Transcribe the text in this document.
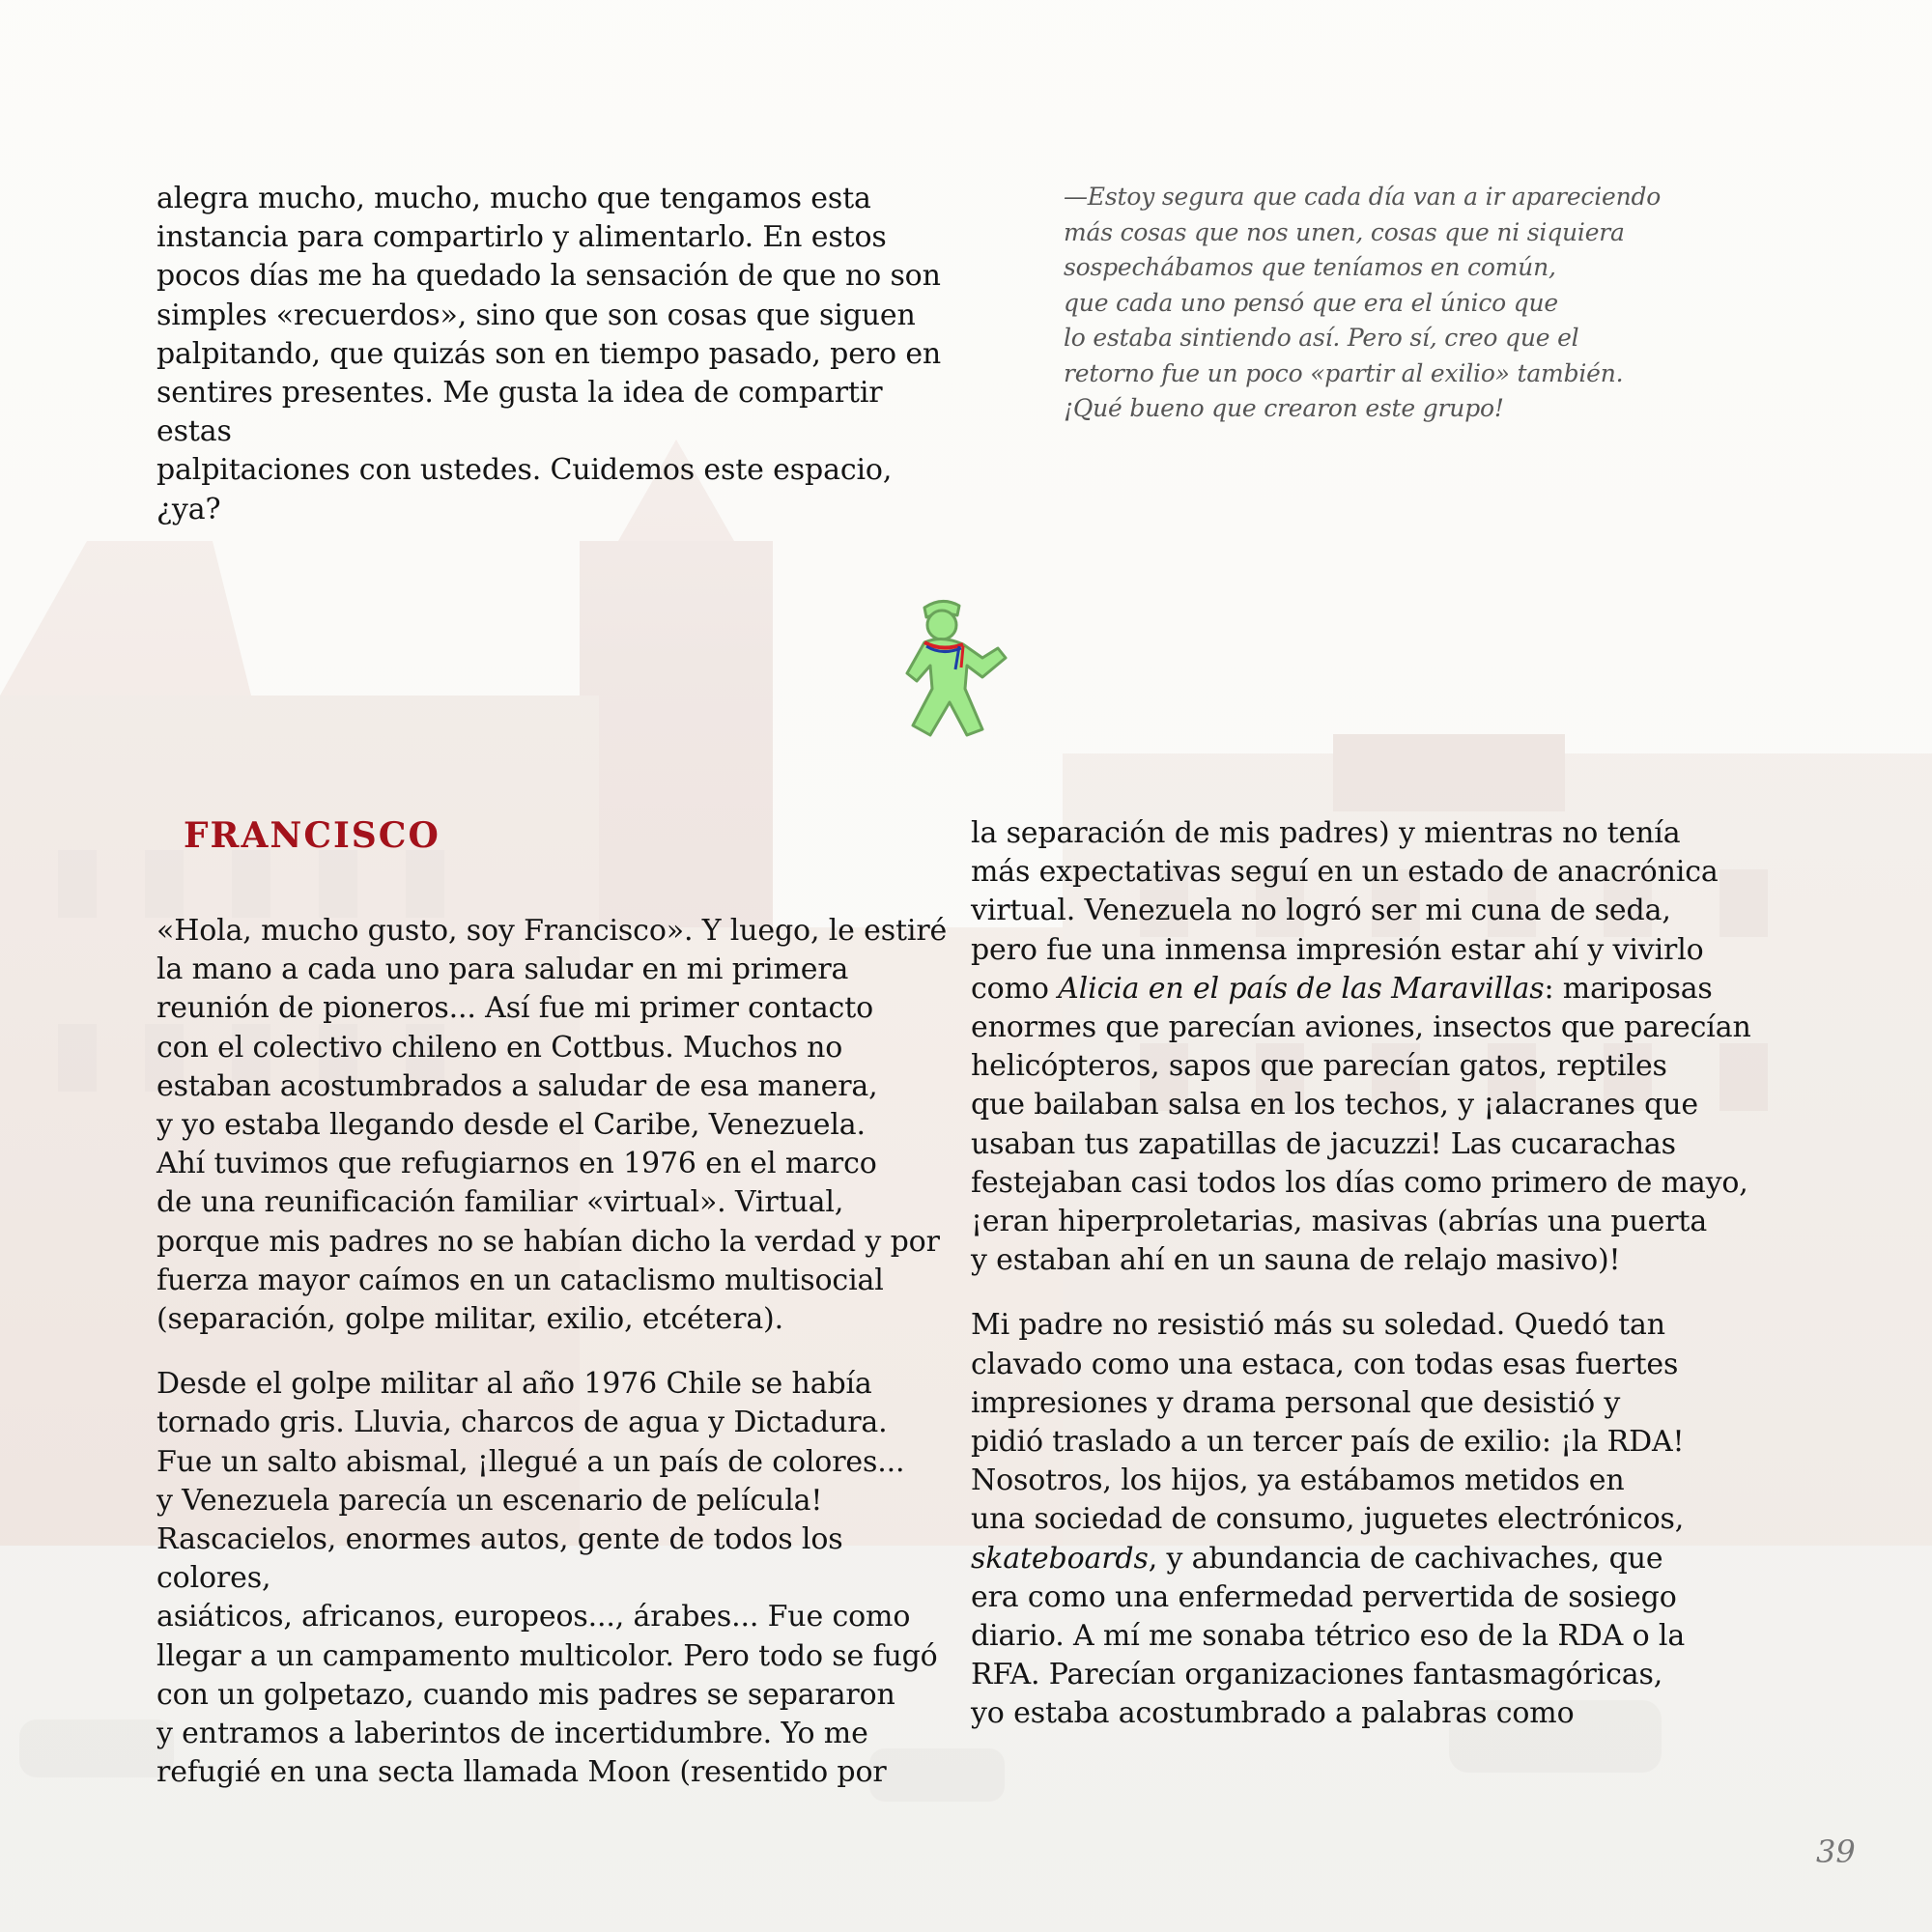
alegra mucho, mucho, mucho que tengamos esta
instancia para compartirlo y alimentarlo. En estos
pocos días me ha quedado la sensación de que no son
simples «recuerdos», sino que son cosas que siguen
palpitando, que quizás son en tiempo pasado, pero en
sentires presentes. Me gusta la idea de compartir estas
palpitaciones con ustedes. Cuidemos este espacio, ¿ya?

—Estoy segura que cada día van a ir apareciendo
más cosas que nos unen, cosas que ni siquiera
sospechábamos que teníamos en común,
que cada uno pensó que era el único que
lo estaba sintiendo así. Pero sí, creo que el
retorno fue un poco «partir al exilio» también.
¡Qué bueno que crearon este grupo!

FRANCISCO

«Hola, mucho gusto, soy Francisco». Y luego, le estiré
la mano a cada uno para saludar en mi primera
reunión de pioneros... Así fue mi primer contacto
con el colectivo chileno en Cottbus. Muchos no
estaban acostumbrados a saludar de esa manera,
y yo estaba llegando desde el Caribe, Venezuela.
Ahí tuvimos que refugiarnos en 1976 en el marco
de una reunificación familiar «virtual». Virtual,
porque mis padres no se habían dicho la verdad y por
fuerza mayor caímos en un cataclismo multisocial
(separación, golpe militar, exilio, etcétera).

Desde el golpe militar al año 1976 Chile se había
tornado gris. Lluvia, charcos de agua y Dictadura.
Fue un salto abismal, ¡llegué a un país de colores...
y Venezuela parecía un escenario de película!
Rascacielos, enormes autos, gente de todos los colores,
asiáticos, africanos, europeos..., árabes... Fue como
llegar a un campamento multicolor. Pero todo se fugó
con un golpetazo, cuando mis padres se separaron
y entramos a laberintos de incertidumbre. Yo me
refugié en una secta llamada Moon (resentido por

la separación de mis padres) y mientras no tenía
más expectativas seguí en un estado de anacrónica
virtual. Venezuela no logró ser mi cuna de seda,
pero fue una inmensa impresión estar ahí y vivirlo
como Alicia en el país de las Maravillas: mariposas
enormes que parecían aviones, insectos que parecían
helicópteros, sapos que parecían gatos, reptiles
que bailaban salsa en los techos, y ¡alacranes que
usaban tus zapatillas de jacuzzi! Las cucarachas
festejaban casi todos los días como primero de mayo,
¡eran hiperproletarias, masivas (abrías una puerta
y estaban ahí en un sauna de relajo masivo)!

Mi padre no resistió más su soledad. Quedó tan
clavado como una estaca, con todas esas fuertes
impresiones y drama personal que desistió y
pidió traslado a un tercer país de exilio: ¡la RDA!
Nosotros, los hijos, ya estábamos metidos en
una sociedad de consumo, juguetes electrónicos,
skateboards, y abundancia de cachivaches, que
era como una enfermedad pervertida de sosiego
diario. A mí me sonaba tétrico eso de la RDA o la
RFA. Parecían organizaciones fantasmagóricas,
yo estaba acostumbrado a palabras como

39
